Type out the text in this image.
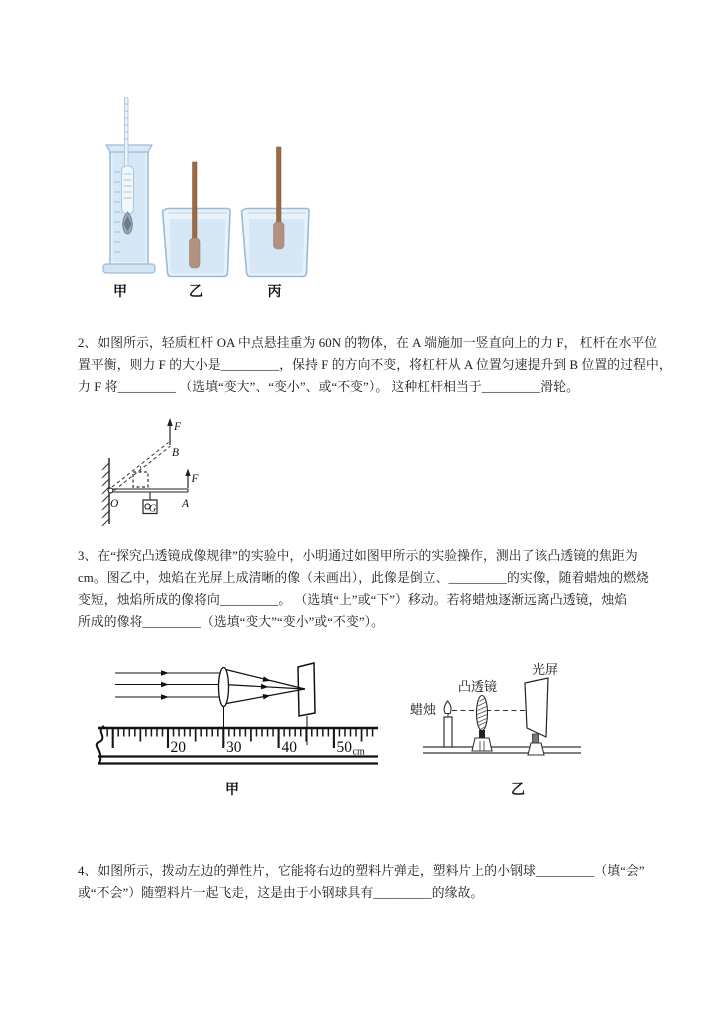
甲	乙	丙
2、如图所示，轻质杠杆 OA 中点悬挂重为 60N 的物体，在 A 端施加一竖直向上的力 F， 杠杆在水平位
置平衡，则力 F 的大小是_________，保持 F 的方向不变，将杠杆从 A 位置匀速提升到 B 位置的过程中，
力 F 将_________ （选填“变大”、“变小”、或“不变”）。 这种杠杆相当于_________滑轮。
F
B
F
O	A
G
3、在“探究凸透镜成像规律”的实验中，小明通过如图甲所示的实验操作，测出了该凸透镜的焦距为
cm。图乙中，烛焰在光屏上成清晰的像（未画出），此像是倒立、_________的实像，随着蜡烛的燃烧
变短，烛焰所成的像将向_________。 （选填“上”或“下”）移动。若将蜡烛逐渐远离凸透镜，烛焰
所成的像将_________（选填“变大”“变小”或“不变”）。
20	30	40	50 cm
甲
蜡烛
凸透镜
光屏
乙
4、如图所示，拨动左边的弹性片，它能将右边的塑料片弹走，塑料片上的小钢球_________（填“会”
或“不会”）随塑料片一起飞走，这是由于小钢球具有_________的缘故。
